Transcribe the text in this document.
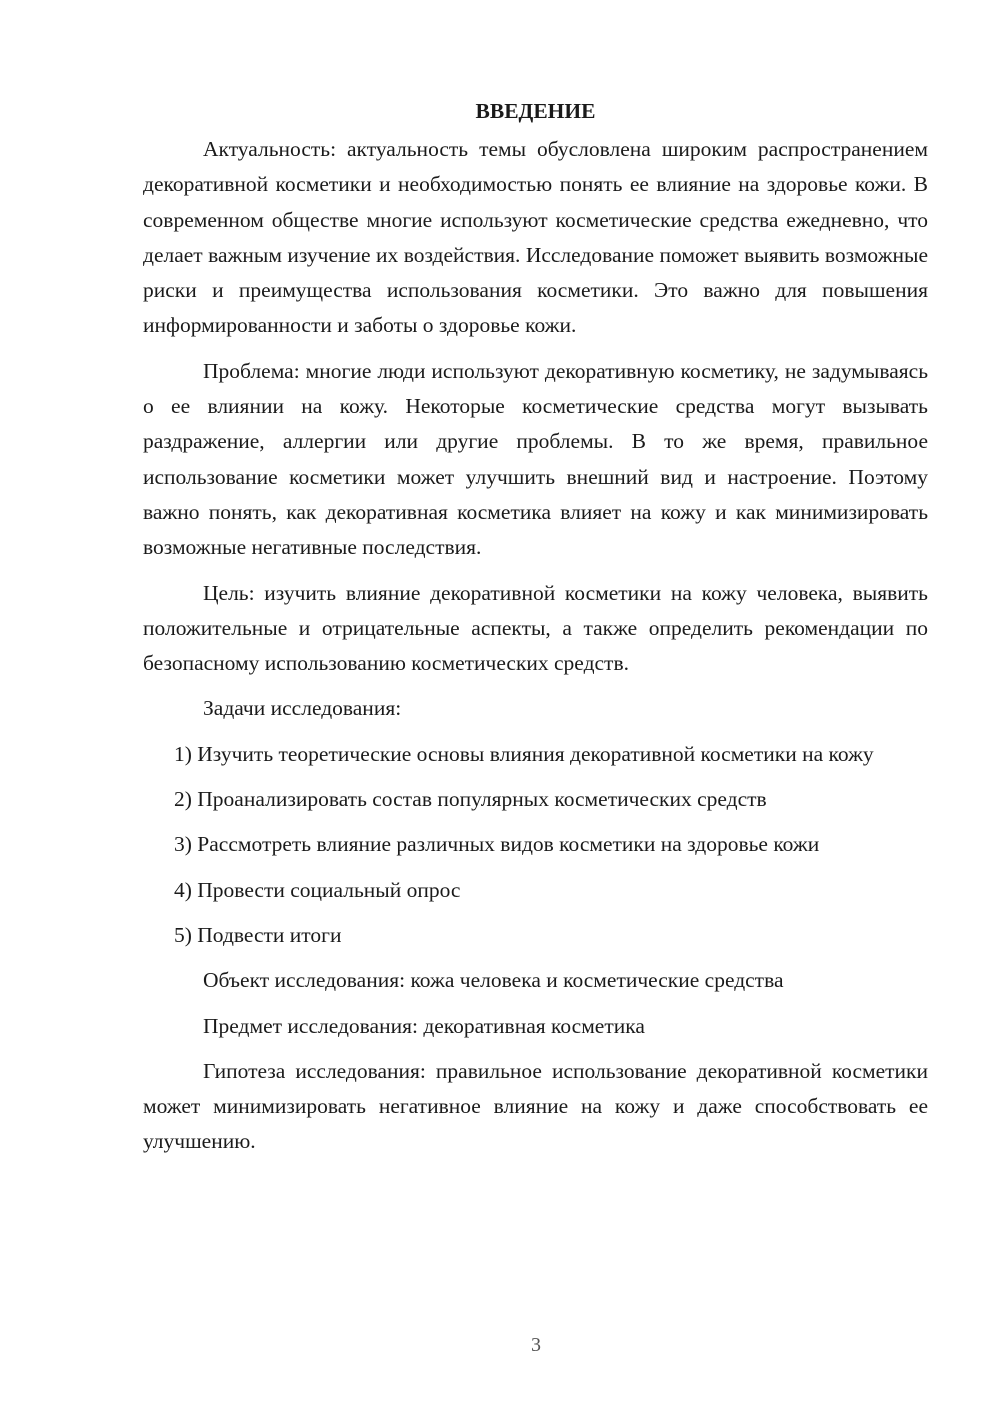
ВВЕДЕНИЕ

Актуальность: актуальность темы обусловлена широким распространением декоративной косметики и необходимостью понять ее влияние на здоровье кожи. В современном обществе многие используют косметические средства ежедневно, что делает важным изучение их воздействия. Исследование поможет выявить возможные риски и преимущества использования косметики. Это важно для повышения информированности и заботы о здоровье кожи.

Проблема: многие люди используют декоративную косметику, не задумываясь о ее влиянии на кожу. Некоторые косметические средства могут вызывать раздражение, аллергии или другие проблемы. В то же время, правильное использование косметики может улучшить внешний вид и настроение. Поэтому важно понять, как декоративная косметика влияет на кожу и как минимизировать возможные негативные последствия.

Цель: изучить влияние декоративной косметики на кожу человека, выявить положительные и отрицательные аспекты, а также определить рекомендации по безопасному использованию косметических средств.

Задачи исследования:

1) Изучить теоретические основы влияния декоративной косметики на кожу

2) Проанализировать состав популярных косметических средств

3) Рассмотреть влияние различных видов косметики на здоровье кожи

4) Провести социальный опрос

5) Подвести итоги

Объект исследования: кожа человека и косметические средства

Предмет исследования: декоративная косметика

Гипотеза исследования: правильное использование декоративной косметики может минимизировать негативное влияние на кожу и даже способствовать ее улучшению.

3
